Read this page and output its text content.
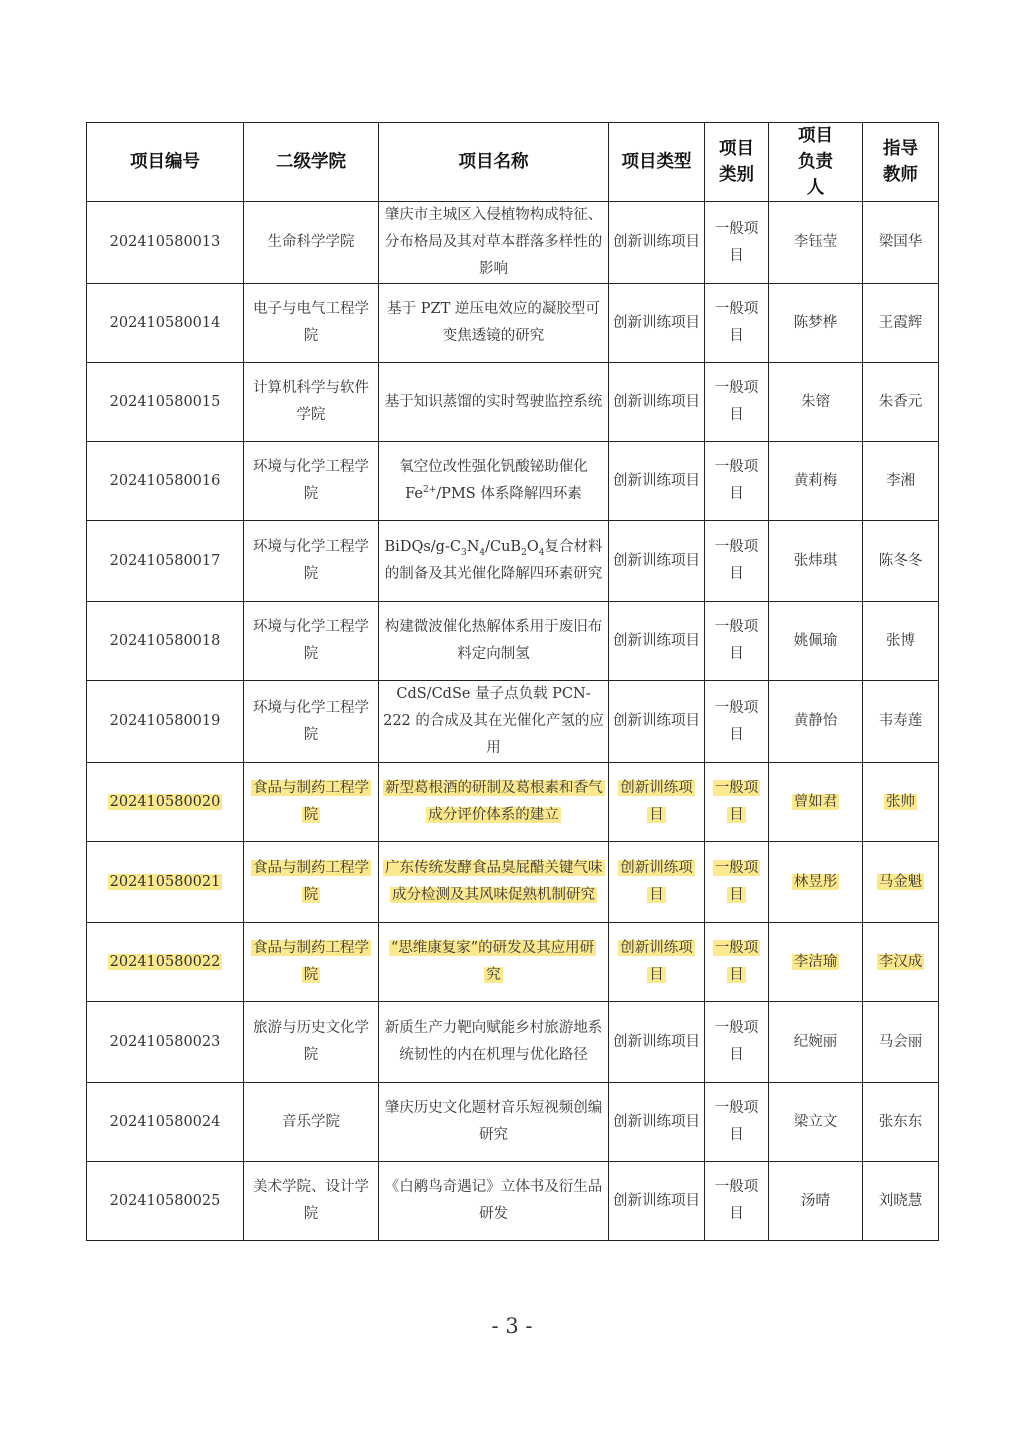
项目编号	二级学院	项目名称	项目类型	项目类别	项目负责人	指导教师
202410580013	生命科学学院	肇庆市主城区入侵植物构成特征、分布格局及其对草本群落多样性的影响	创新训练项目	一般项目	李钰莹	梁国华
202410580014	电子与电气工程学院	基于 PZT 逆压电效应的凝胶型可变焦透镜的研究	创新训练项目	一般项目	陈梦桦	王霞辉
202410580015	计算机科学与软件学院	基于知识蒸馏的实时驾驶监控系统	创新训练项目	一般项目	朱镕	朱香元
202410580016	环境与化学工程学院	氧空位改性强化钒酸铋助催化$Fe^{2+}$/PMS 体系降解四环素	创新训练项目	一般项目	黄莉梅	李湘
202410580017	环境与化学工程学院	BiDQs/$g-C_3N_4/CuB_2O_4$复合材料的制备及其光催化降解四环素研究	创新训练项目	一般项目	张炜琪	陈冬冬
202410580018	环境与化学工程学院	构建微波催化热解体系用于废旧布料定向制氢	创新训练项目	一般项目	姚佩瑜	张博
202410580019	环境与化学工程学院	CdS/CdSe 量子点负载 PCN-222 的合成及其在光催化产氢的应用	创新训练项目	一般项目	黄静怡	韦寿莲
202410580020	食品与制药工程学院	新型葛根酒的研制及葛根素和香气成分评价体系的建立	创新训练项目	一般项目	曾如君	张帅
202410580021	食品与制药工程学院	广东传统发酵食品臭屁醋关键气味成分检测及其风味促熟机制研究	创新训练项目	一般项目	林昱彤	马金魁
202410580022	食品与制药工程学院	“思维康复家”的研发及其应用研究	创新训练项目	一般项目	李洁瑜	李汉成
202410580023	旅游与历史文化学院	新质生产力靶向赋能乡村旅游地系统韧性的内在机理与优化路径	创新训练项目	一般项目	纪婉丽	马会丽
202410580024	音乐学院	肇庆历史文化题材音乐短视频创编研究	创新训练项目	一般项目	梁立文	张东东
202410580025	美术学院、设计学院	《白鹇鸟奇遇记》立体书及衍生品研发	创新训练项目	一般项目	汤晴	刘晓慧
- 3 -
